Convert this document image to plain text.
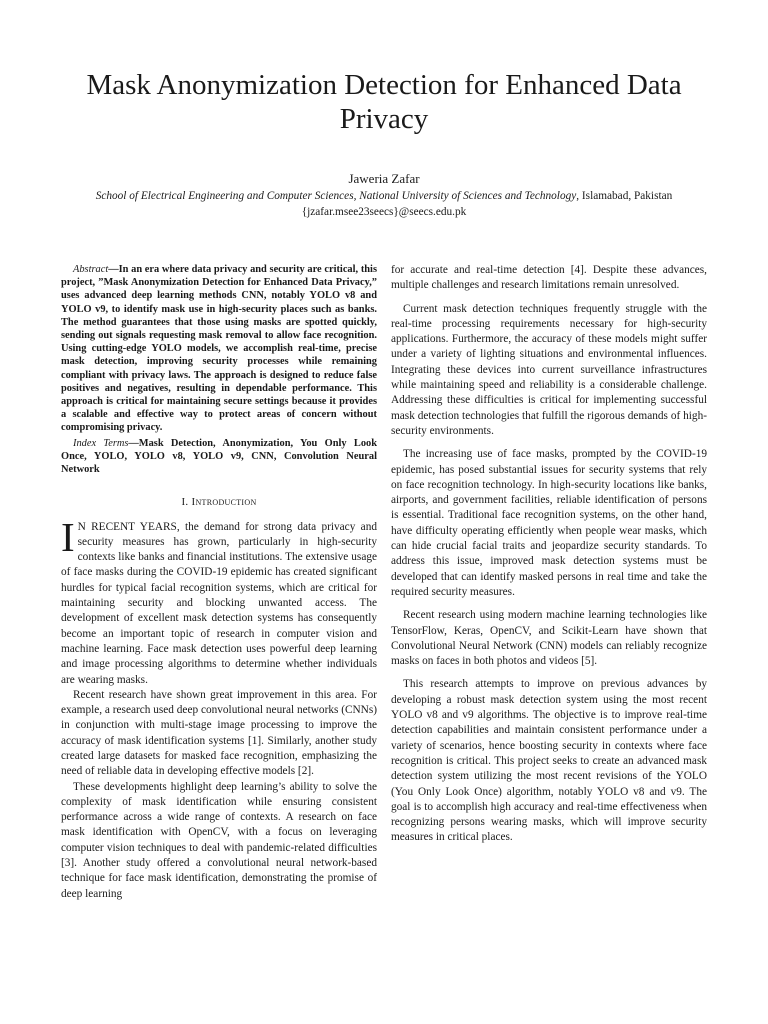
Mask Anonymization Detection for Enhanced Data Privacy
Jaweria Zafar
School of Electrical Engineering and Computer Sciences, National University of Sciences and Technology, Islamabad, Pakistan
{jzafar.msee23seecs}@seecs.edu.pk

Abstract—In an era where data privacy and security are critical, this project, ”Mask Anonymization Detection for Enhanced Data Privacy,” uses advanced deep learning methods CNN, notably YOLO v8 and YOLO v9, to identify mask use in high-security places such as banks. The method guarantees that those using masks are spotted quickly, sending out signals requesting mask removal to allow face recognition. Using cutting-edge YOLO models, we accomplish real-time, precise mask detection, improving security processes while remaining compliant with privacy laws. The approach is designed to reduce false positives and negatives, resulting in dependable performance. This approach is critical for maintaining secure settings because it provides a scalable and effective way to protect areas of concern without compromising privacy.

Index Terms—Mask Detection, Anonymization, You Only Look Once, YOLO, YOLO v8, YOLO v9, CNN, Convolution Neural Network

I. Introduction

IN RECENT YEARS, the demand for strong data privacy and security measures has grown, particularly in high-security contexts like banks and financial institutions. The extensive usage of face masks during the COVID-19 epidemic has created significant hurdles for typical facial recognition systems, which are critical for maintaining security and blocking unwanted access. The development of excellent mask detection systems has consequently become an important topic of research in computer vision and machine learning. Face mask detection uses powerful deep learning and image processing algorithms to determine whether individuals are wearing masks.

Recent research have shown great improvement in this area. For example, a research used deep convolutional neural networks (CNNs) in conjunction with multi-stage image processing to improve the accuracy of mask identification systems [1]. Similarly, another study created large datasets for masked face recognition, emphasizing the need of reliable data in developing effective models [2].

These developments highlight deep learning’s ability to solve the complexity of mask identification while ensuring consistent performance across a wide range of contexts. A research on face mask identification with OpenCV, with a focus on leveraging computer vision techniques to deal with pandemic-related difficulties [3]. Another study offered a convolutional neural network-based technique for face mask identification, demonstrating the promise of deep learning

for accurate and real-time detection [4]. Despite these advances, multiple challenges and research limitations remain unresolved.

Current mask detection techniques frequently struggle with the real-time processing requirements necessary for high-security applications. Furthermore, the accuracy of these models might suffer under a variety of lighting situations and environmental influences. Integrating these devices into current surveillance infrastructures while maintaining speed and reliability is a considerable challenge. Addressing these difficulties is critical for implementing successful mask detection technologies that fulfill the rigorous demands of high-security environments.

The increasing use of face masks, prompted by the COVID-19 epidemic, has posed substantial issues for security systems that rely on face recognition technology. In high-security locations like banks, airports, and government facilities, reliable identification of persons is essential. Traditional face recognition systems, on the other hand, have difficulty operating efficiently when people wear masks, which can hide crucial facial traits and jeopardize security standards. To address this issue, improved mask detection systems must be developed that can identify masked persons in real time and take the required security measures.

Recent research using modern machine learning technologies like TensorFlow, Keras, OpenCV, and Scikit-Learn have shown that Convolutional Neural Network (CNN) models can reliably recognize masks on faces in both photos and videos [5].

This research attempts to improve on previous advances by developing a robust mask detection system using the most recent YOLO v8 and v9 algorithms. The objective is to improve real-time detection capabilities and maintain consistent performance under a variety of scenarios, hence boosting security in contexts where face recognition is critical. This project seeks to create an advanced mask detection system utilizing the most recent revisions of the YOLO (You Only Look Once) algorithm, notably YOLO v8 and v9. The goal is to accomplish high accuracy and real-time effectiveness when recognizing persons wearing masks, which will improve security measures in critical places.
